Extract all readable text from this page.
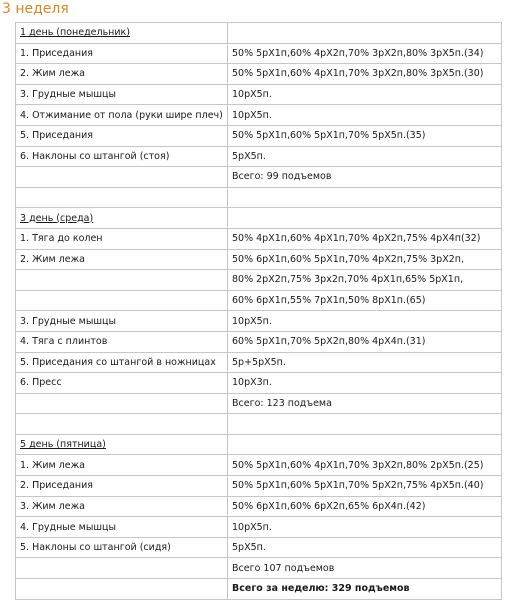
3 неделя
1 день (понедельник)	
1. Приседания	50% 5рХ1п,60% 4рХ2п,70% 3рХ2п,80% 3рХ5п.(34)
2. Жим лежа	50% 5рХ1п,60% 4рХ1п,70% 3рХ2п,80% 3рХ5п.(30)
3. Грудные мышцы	10рХ5п.
4. Отжимание от пола (руки шире плеч)	10рХ5п.
5. Приседания	50% 5рХ1п,60% 5рХ1п,70% 5рХ5п.(35)
6. Наклоны со штангой (стоя)	5рХ5п.
	Всего: 99 подъемов

3 день (среда)	
1. Тяга до колен	50% 4рХ1п,60% 4рХ1п,70% 4рХ2п,75% 4рХ4п(32)
2. Жим лежа	50% 6рХ1п,60% 5рХ1п,70% 4рХ2п,75% 3рХ2п,
	80% 2рХ2п,75% 3рх2п,70% 4рХ1п,65% 5рХ1п,
	60% 6рХ1п,55% 7рХ1п,50% 8рХ1п.(65)
3. Грудные мышцы	10рХ5п.
4. Тяга с плинтов	60% 5рХ1п,70% 5рХ2п,80% 4рХ4п.(31)
5. Приседания со штангой в ножницах	5р+5рХ5п.
6. Пресс	10рХ3п.
	Всего: 123 подъема

5 день (пятница)	
1. Жим лежа	50% 5рХ1п,60% 4рХ1п,70% 3рХ2п,80% 2рХ5п.(25)
2. Приседания	50% 5рХ1п,60% 5рХ1п,70% 5рХ2п,75% 4рХ5п.(40)
3. Жим лежа	50% 6рХ1п,60% 6рХ2п,65% 6рХ4п.(42)
4. Грудные мышцы	10рХ5п.
5. Наклоны со штангой (сидя)	5рХ5п.
	Всего 107 подъемов
	Всего за неделю: 329 подъемов
